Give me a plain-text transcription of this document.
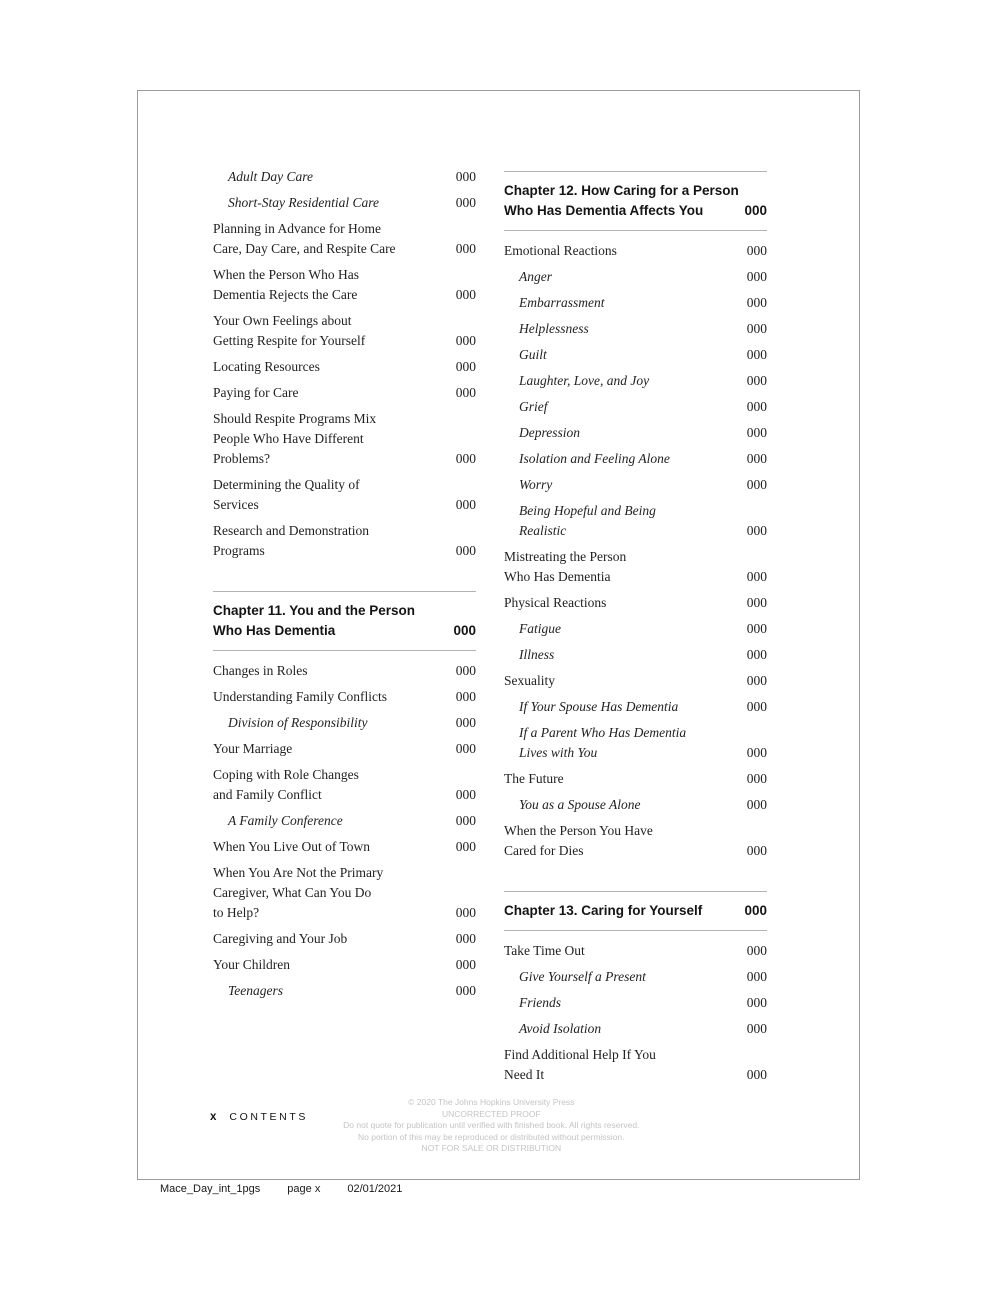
Adult Day Care	000
Short-Stay Residential Care	000
Planning in Advance for Home
Care, Day Care, and Respite Care	000
When the Person Who Has
Dementia Rejects the Care	000
Your Own Feelings about
Getting Respite for Yourself	000
Locating Resources	000
Paying for Care	000
Should Respite Programs Mix
People Who Have Different
Problems?	000
Determining the Quality of
Services	000
Research and Demonstration
Programs	000
Chapter 11. You and the Person
Who Has Dementia	000
Changes in Roles	000
Understanding Family Conflicts	000
Division of Responsibility	000
Your Marriage	000
Coping with Role Changes
and Family Conflict	000
A Family Conference	000
When You Live Out of Town	000
When You Are Not the Primary
Caregiver, What Can You Do
to Help?	000
Caregiving and Your Job	000
Your Children	000
Teenagers	000
Chapter 12. How Caring for a Person
Who Has Dementia Affects You	000
Emotional Reactions	000
Anger	000
Embarrassment	000
Helplessness	000
Guilt	000
Laughter, Love, and Joy	000
Grief	000
Depression	000
Isolation and Feeling Alone	000
Worry	000
Being Hopeful and Being
Realistic	000
Mistreating the Person
Who Has Dementia	000
Physical Reactions	000
Fatigue	000
Illness	000
Sexuality	000
If Your Spouse Has Dementia	000
If a Parent Who Has Dementia
Lives with You	000
The Future	000
You as a Spouse Alone	000
When the Person You Have
Cared for Dies	000
Chapter 13. Caring for Yourself	000
Take Time Out	000
Give Yourself a Present	000
Friends	000
Avoid Isolation	000
Find Additional Help If You
Need It	000
x CONTENTS
© 2020 The Johns Hopkins University Press
UNCORRECTED PROOF
Do not quote for publication until verified with finished book. All rights reserved.
No portion of this may be reproduced or distributed without permission.
NOT FOR SALE OR DISTRIBUTION
Mace_Day_int_1pgs page x 02/01/2021
